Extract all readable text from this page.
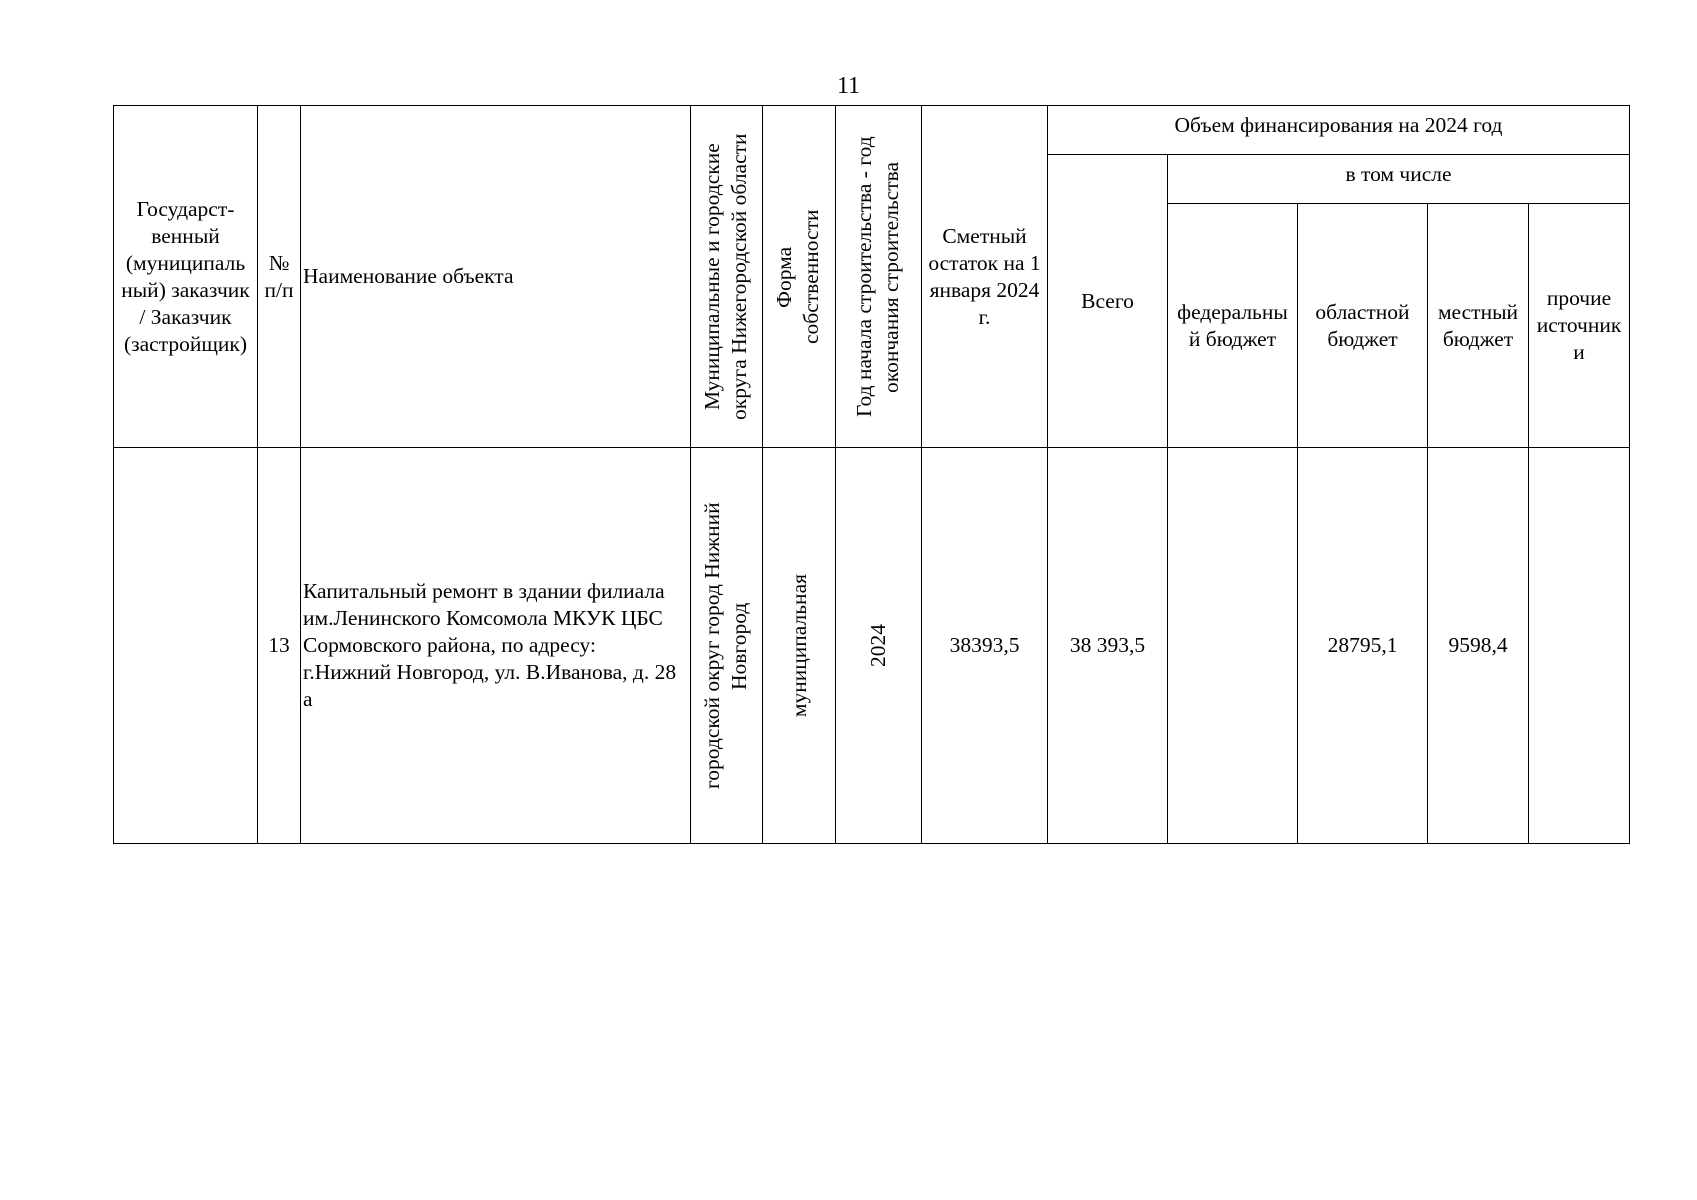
11
Государст-венный (муниципаль ный) заказчик / Заказчик (застройщик)	№ п/п	Наименование объекта	Муниципальные и городские округа Нижегородской области	Форма собственности	Год начала строительства - год окончания строительства	Сметный остаток на 1 января 2024 г.	Объем финансирования на 2024 год				
							Всего	в том числе			
								федеральны й бюджет	областной бюджет	местный бюджет	прочие источник и
	13	Капитальный ремонт в здании филиала им.Ленинского Комсомола МКУК ЦБС Сормовского района, по адресу: г.Нижний Новгород, ул. В.Иванова, д. 28 а	городской округ город Нижний Новгород	муниципальная	2024	38393,5	38 393,5		28795,1	9598,4	
